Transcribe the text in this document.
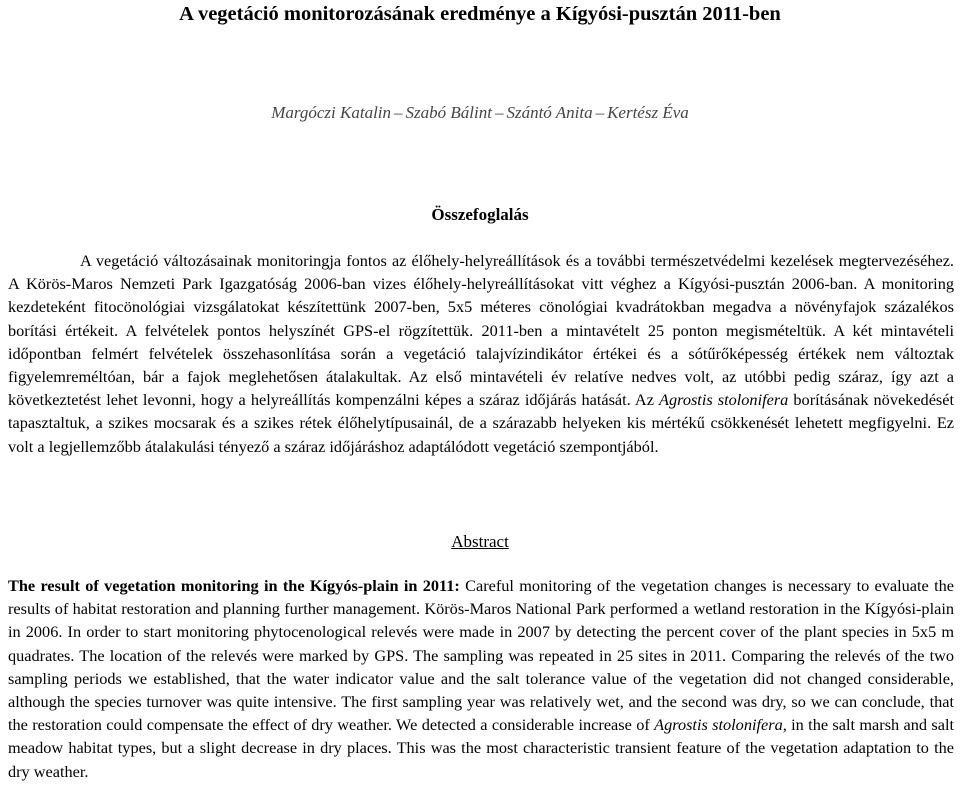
A vegetáció monitorozásának eredménye a Kígyósi-pusztán 2011-ben
Margóczi Katalin – Szabó Bálint – Szántó Anita – Kertész Éva
Összefoglalás
A vegetáció változásainak monitoringja fontos az élőhely-helyreállítások és a további természetvédelmi kezelések megtervezéséhez. A Körös-Maros Nemzeti Park Igazgatóság 2006-ban vizes élőhely-helyreállításokat vitt véghez a Kígyósi-pusztán 2006-ban. A monitoring kezdeteként fitocönológiai vizsgálatokat készítettünk 2007-ben, 5x5 méteres cönológiai kvadrátokban megadva a növényfajok százalékos borítási értékeit. A felvételek pontos helyszínét GPS-el rögzítettük. 2011-ben a mintavételt 25 ponton megismételtük. A két mintavételi időpontban felmért felvételek összehasonlítása során a vegetáció talajvízindikátor értékei és a sótűrőképesség értékek nem változtak figyelemreméltóan, bár a fajok meglehetősen átalakultak. Az első mintavételi év relatíve nedves volt, az utóbbi pedig száraz, így azt a következtetést lehet levonni, hogy a helyreállítás kompenzálni képes a száraz időjárás hatását. Az Agrostis stolonifera borításának növekedését tapasztaltuk, a szikes mocsarak és a szikes rétek élőhelytípusainál, de a szárazabb helyeken kis mértékű csökkenését lehetett megfigyelni. Ez volt a legjellemzőbb átalakulási tényező a száraz időjáráshoz adaptálódott vegetáció szempontjából.
Abstract
The result of vegetation monitoring in the Kígyós-plain in 2011: Careful monitoring of the vegetation changes is necessary to evaluate the results of habitat restoration and planning further management. Körös-Maros National Park performed a wetland restoration in the Kígyósi-plain in 2006. In order to start monitoring phytocenological relevés were made in 2007 by detecting the percent cover of the plant species in 5x5 m quadrates. The location of the relevés were marked by GPS. The sampling was repeated in 25 sites in 2011. Comparing the relevés of the two sampling periods we established, that the water indicator value and the salt tolerance value of the vegetation did not changed considerable, although the species turnover was quite intensive. The first sampling year was relatively wet, and the second was dry, so we can conclude, that the restoration could compensate the effect of dry weather. We detected a considerable increase of Agrostis stolonifera, in the salt marsh and salt meadow habitat types, but a slight decrease in dry places. This was the most characteristic transient feature of the vegetation adaptation to the dry weather.
